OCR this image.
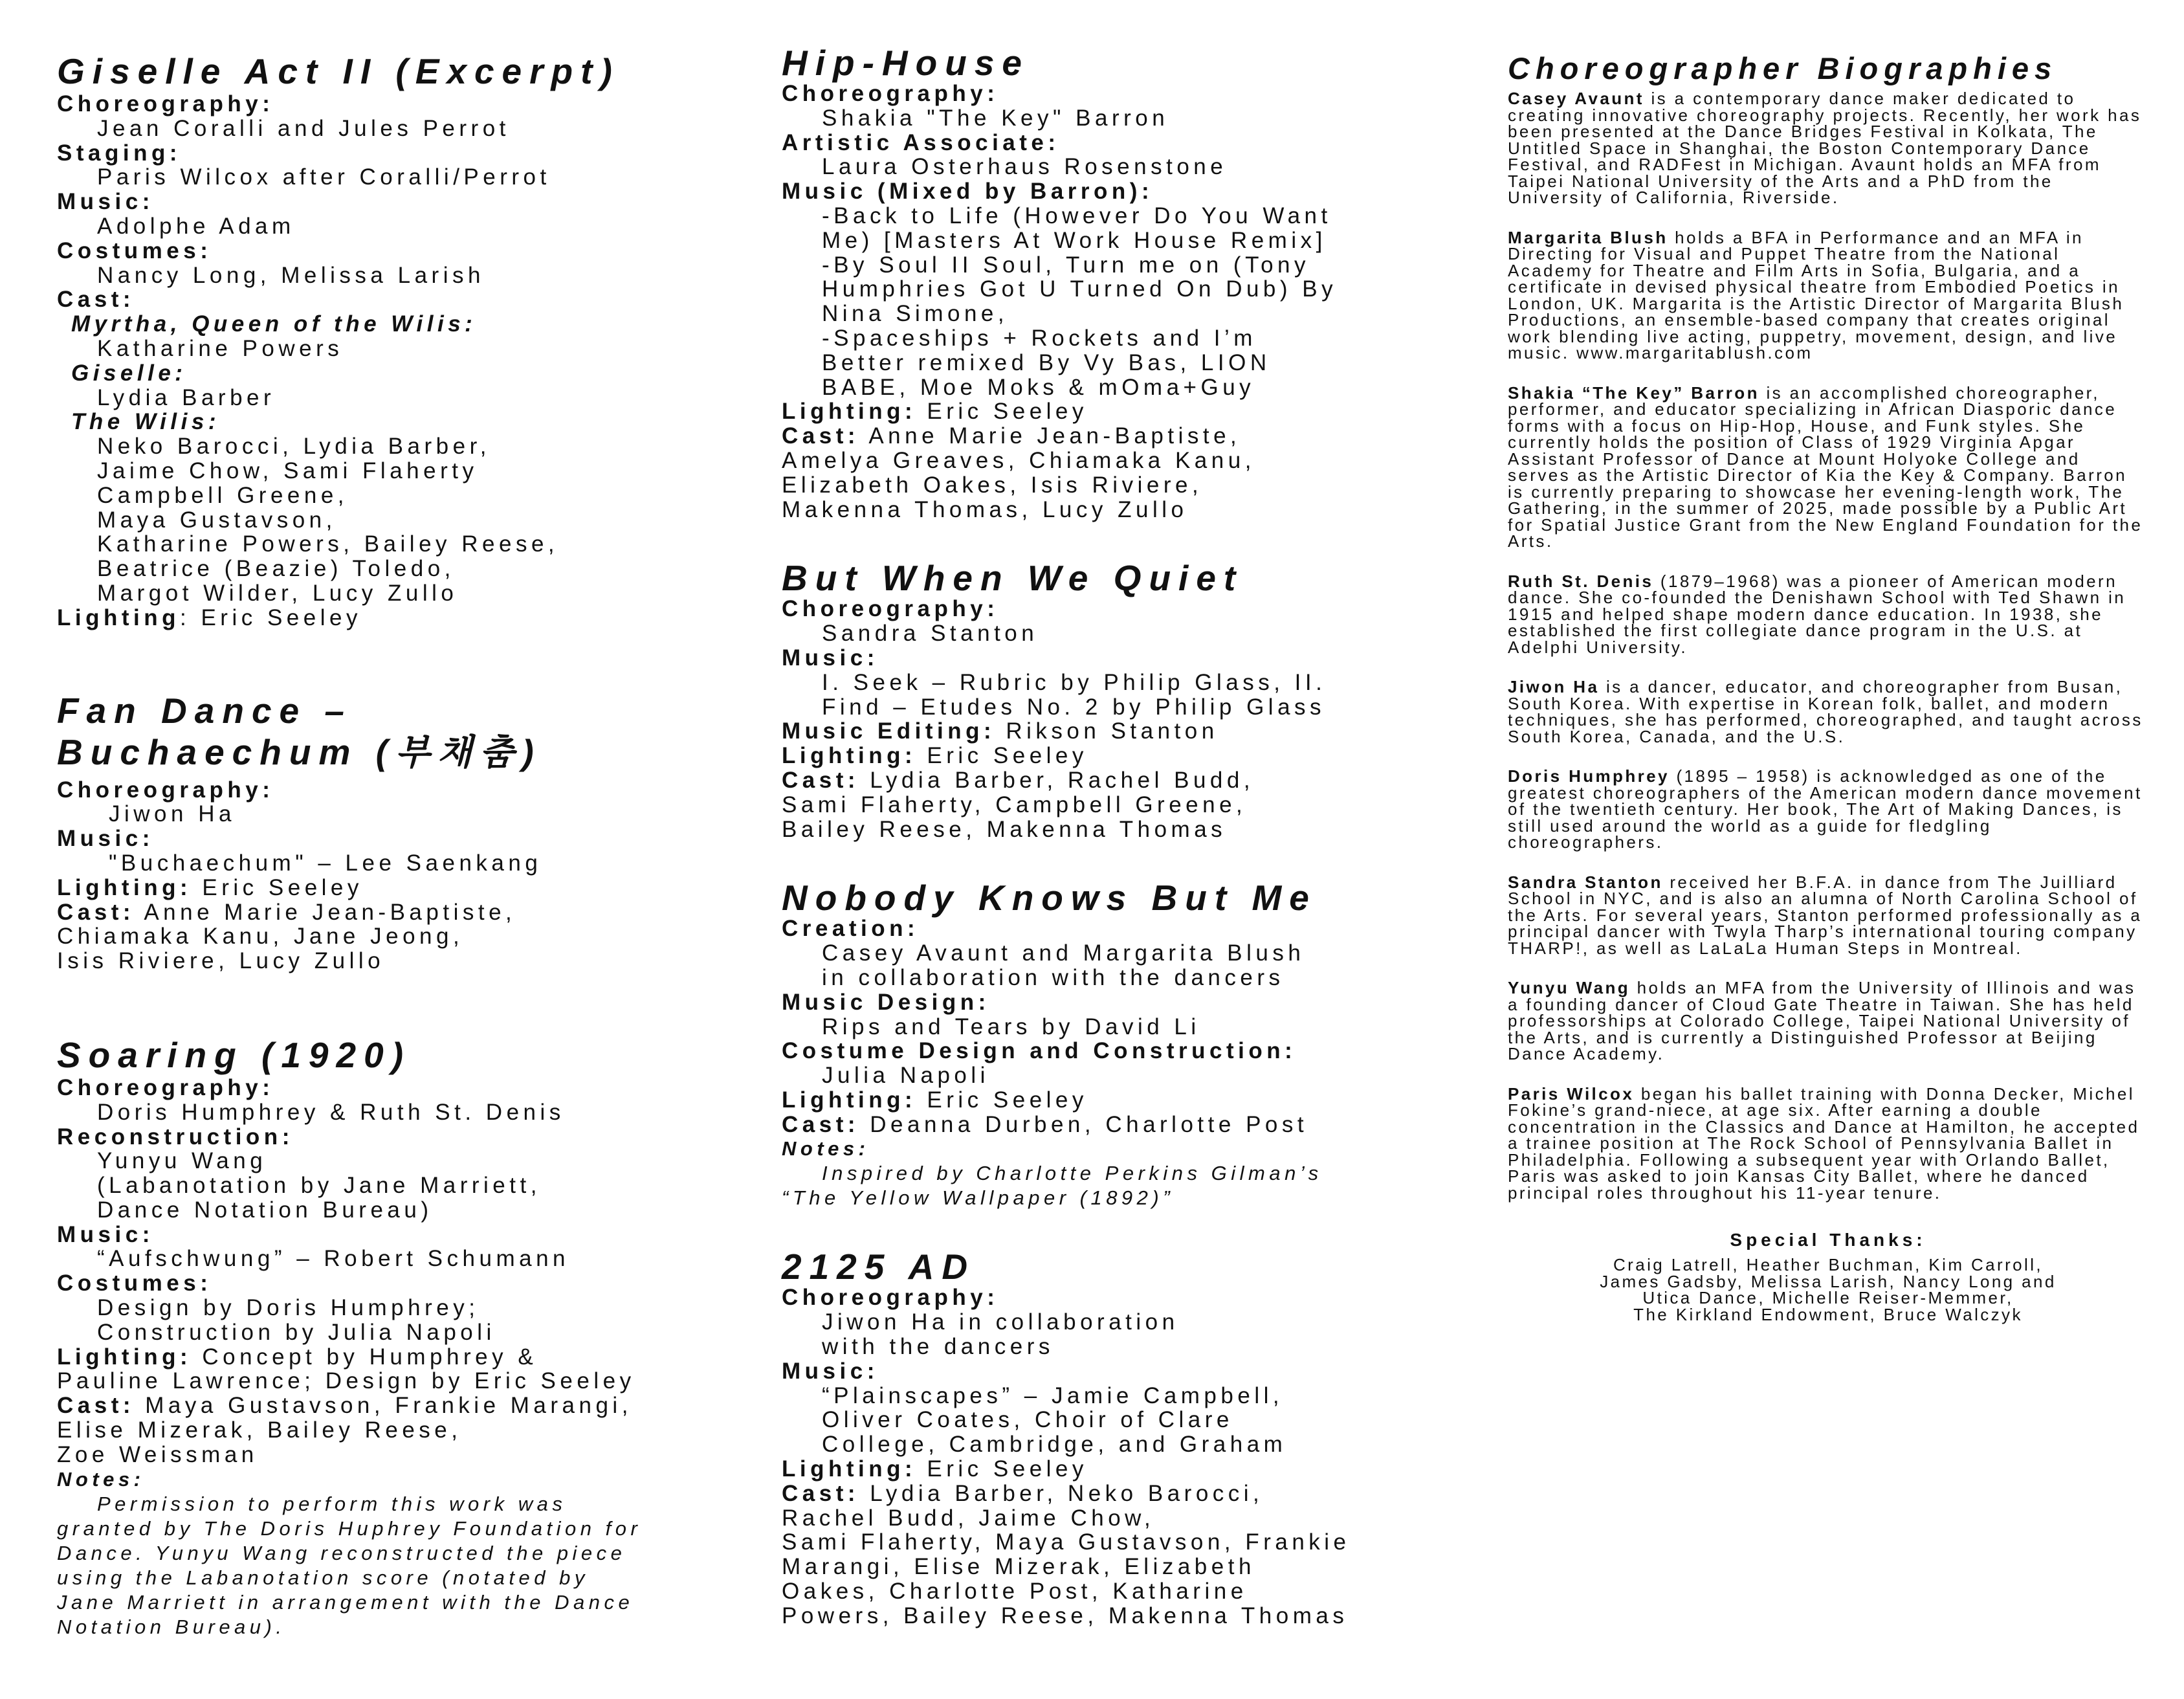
Giselle Act II (Excerpt)

Choreography:

Jean Coralli and Jules Perrot

Staging:

Paris Wilcox after Coralli/Perrot

Music:

Adolphe Adam

Costumes:

Nancy Long, Melissa Larish

Cast:

Myrtha, Queen of the Wilis:

Katharine Powers

Giselle:

Lydia Barber

The Wilis:

Neko Barocci, Lydia Barber,

Jaime Chow, Sami Flaherty

Campbell Greene,

Maya Gustavson,

Katharine Powers, Bailey Reese,

Beatrice (Beazie) Toledo,

Margot Wilder, Lucy Zullo

Lighting: Eric Seeley

Fan Dance –
Buchaechum (부채춤)

Choreography:

Jiwon Ha

Music:

"Buchaechum" – Lee Saenkang

Lighting: Eric Seeley

Cast: Anne Marie Jean-Baptiste,

Chiamaka Kanu, Jane Jeong,

Isis Riviere, Lucy Zullo

Soaring (1920)

Choreography:

Doris Humphrey & Ruth St. Denis

Reconstruction:

Yunyu Wang

(Labanotation by Jane Marriett,

Dance Notation Bureau)

Music:

“Aufschwung” – Robert Schumann

Costumes:

Design by Doris Humphrey;

Construction by Julia Napoli

Lighting: Concept by Humphrey &

Pauline Lawrence; Design by Eric Seeley

Cast: Maya Gustavson, Frankie Marangi,

Elise Mizerak, Bailey Reese,

Zoe Weissman

Notes:

Permission to perform this work was

granted by The Doris Huphrey Foundation for

Dance. Yunyu Wang reconstructed the piece

using the Labanotation score (notated by

Jane Marriett in arrangement with the Dance

Notation Bureau).

Hip-House

Choreography:

Shakia "The Key" Barron

Artistic Associate:

Laura Osterhaus Rosenstone

Music (Mixed by Barron):

-Back to Life (However Do You Want

Me) [Masters At Work House Remix]

-By Soul II Soul, Turn me on (Tony

Humphries Got U Turned On Dub) By

Nina Simone,

-Spaceships + Rockets and I’m

Better remixed By Vy Bas, LION

BABE, Moe Moks & mOma+Guy

Lighting: Eric Seeley

Cast: Anne Marie Jean-Baptiste,

Amelya Greaves, Chiamaka Kanu,

Elizabeth Oakes, Isis Riviere,

Makenna Thomas, Lucy Zullo

But When We Quiet

Choreography:

Sandra Stanton

Music:

I. Seek – Rubric by Philip Glass, II.

Find – Etudes No. 2 by Philip Glass

Music Editing: Rikson Stanton

Lighting: Eric Seeley

Cast: Lydia Barber, Rachel Budd,

Sami Flaherty, Campbell Greene,

Bailey Reese, Makenna Thomas

Nobody Knows But Me

Creation:

Casey Avaunt and Margarita Blush

in collaboration with the dancers

Music Design:

Rips and Tears by David Li

Costume Design and Construction:

Julia Napoli

Lighting: Eric Seeley

Cast: Deanna Durben, Charlotte Post

Notes:

Inspired by Charlotte Perkins Gilman’s

“The Yellow Wallpaper (1892)”

2125 AD

Choreography:

Jiwon Ha in collaboration

with the dancers

Music:

“Plainscapes” – Jamie Campbell,

Oliver Coates, Choir of Clare

College, Cambridge, and Graham

Lighting: Eric Seeley

Cast: Lydia Barber, Neko Barocci,

Rachel Budd, Jaime Chow,

Sami Flaherty, Maya Gustavson, Frankie

Marangi, Elise Mizerak, Elizabeth

Oakes, Charlotte Post, Katharine

Powers, Bailey Reese, Makenna Thomas

Choreographer Biographies

Casey Avaunt is a contemporary dance maker dedicated to creating innovative choreography projects. Recently, her work has been presented at the Dance Bridges Festival in Kolkata, The Untitled Space in Shanghai, the Boston Contemporary Dance Festival, and RADFest in Michigan. Avaunt holds an MFA from Taipei National University of the Arts and a PhD from the University of California, Riverside.

Margarita Blush holds a BFA in Performance and an MFA in Directing for Visual and Puppet Theatre from the National Academy for Theatre and Film Arts in Sofia, Bulgaria, and a certificate in devised physical theatre from Embodied Poetics in London, UK. Margarita is the Artistic Director of Margarita Blush Productions, an ensemble-based company that creates original work blending live acting, puppetry, movement, design, and live music. www.margaritablush.com

Shakia “The Key” Barron is an accomplished choreographer, performer, and educator specializing in African Diasporic dance forms with a focus on Hip-Hop, House, and Funk styles. She currently holds the position of Class of 1929 Virginia Apgar Assistant Professor of Dance at Mount Holyoke College and serves as the Artistic Director of Kia the Key & Company. Barron is currently preparing to showcase her evening-length work, The Gathering, in the summer of 2025, made possible by a Public Art for Spatial Justice Grant from the New England Foundation for the Arts.

Ruth St. Denis (1879–1968) was a pioneer of American modern dance. She co-founded the Denishawn School with Ted Shawn in 1915 and helped shape modern dance education. In 1938, she established the first collegiate dance program in the U.S. at Adelphi University.

Jiwon Ha is a dancer, educator, and choreographer from Busan, South Korea. With expertise in Korean folk, ballet, and modern techniques, she has performed, choreographed, and taught across South Korea, Canada, and the U.S.

Doris Humphrey (1895 – 1958) is acknowledged as one of the greatest choreographers of the American modern dance movement of the twentieth century. Her book, The Art of Making Dances, is still used around the world as a guide for fledgling choreographers.

Sandra Stanton received her B.F.A. in dance from The Juilliard School in NYC, and is also an alumna of North Carolina School of the Arts. For several years, Stanton performed professionally as a principal dancer with Twyla Tharp’s international touring company THARP!, as well as LaLaLa Human Steps in Montreal.

Yunyu Wang holds an MFA from the University of Illinois and was a founding dancer of Cloud Gate Theatre in Taiwan. She has held professorships at Colorado College, Taipei National University of the Arts, and is currently a Distinguished Professor at Beijing Dance Academy.

Paris Wilcox began his ballet training with Donna Decker, Michel Fokine’s grand-niece, at age six. After earning a double concentration in the Classics and Dance at Hamilton, he accepted a trainee position at The Rock School of Pennsylvania Ballet in Philadelphia. Following a subsequent year with Orlando Ballet, Paris was asked to join Kansas City Ballet, where he danced principal roles throughout his 11-year tenure.

Special Thanks:

Craig Latrell, Heather Buchman, Kim Carroll,

James Gadsby, Melissa Larish, Nancy Long and

Utica Dance, Michelle Reiser-Memmer,

The Kirkland Endowment, Bruce Walczyk
